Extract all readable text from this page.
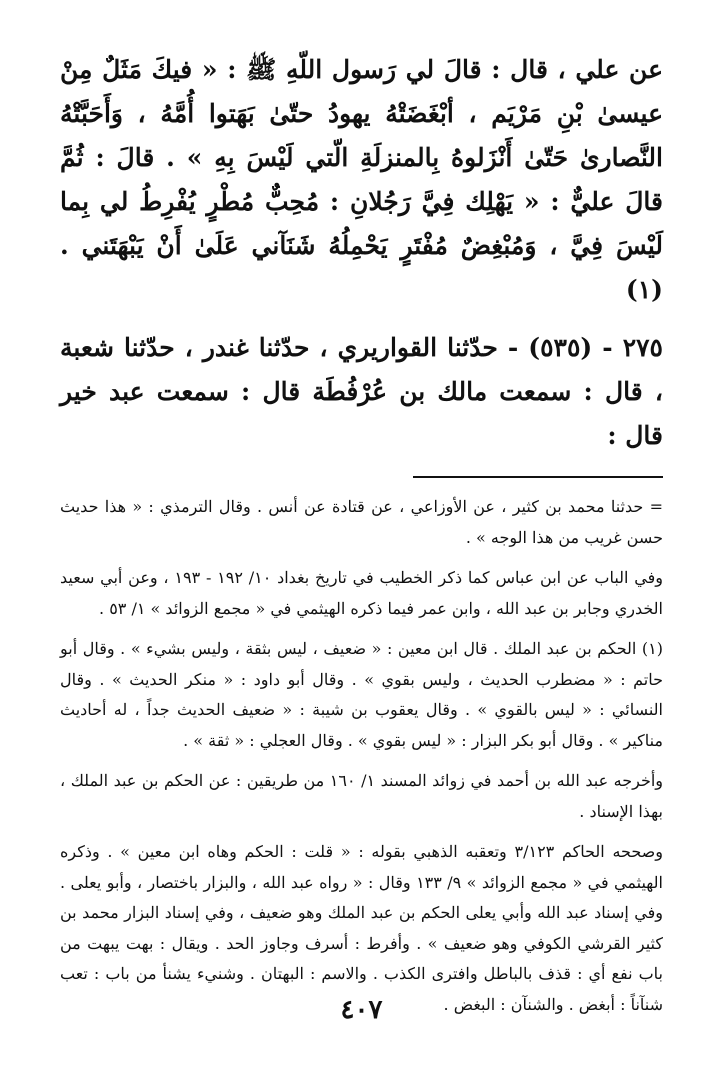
عن علي ، قال : قالَ لي رَسول اللّهِ ﷺ : « فيكَ مَثَلٌ مِنْ عيسىٰ بْنِ مَرْيَم ، أبْغَضَتْهُ يهودُ حتّىٰ بَهَتوا أُمَّهُ ، وَأَحَبَّتْهُ النَّصارىٰ حَتّىٰ أَنْزَلوهُ بِالمنزلَةِ الّتي لَيْسَ بِهِ » . قالَ : ثُمَّ قالَ عليٌّ : « يَهْلِك فِيَّ رَجُلانِ : مُحِبٌّ مُطْرٍ يُفْرِطُ لي بِما لَيْسَ فِيَّ ، وَمُبْغِضٌ مُفْتَرٍ يَحْمِلُهُ شَنَآني عَلَىٰ أَنْ يَبْهَتَني . (١)

٢٧٥ - (٥٣٥) - حدّثنا القواريري ، حدّثنا غندر ، حدّثنا شعبة ، قال : سمعت مالك بن عُرْفُطَة قال : سمعت عبد خير قال :

= حدثنا محمد بن كثير ، عن الأوزاعي ، عن قتادة عن أنس . وقال الترمذي : « هذا حديث حسن غريب من هذا الوجه » .

وفي الباب عن ابن عباس كما ذكر الخطيب في تاريخ بغداد ١٠/ ١٩٢ - ١٩٣ ، وعن أبي سعيد الخدري وجابر بن عبد الله ، وابن عمر فيما ذكره الهيثمي في « مجمع الزوائد » ١/ ٥٣ .

(١) الحكم بن عبد الملك . قال ابن معين : « ضعيف ، ليس بثقة ، وليس بشيء » . وقال أبو حاتم : « مضطرب الحديث ، وليس بقوي » . وقال أبو داود : « منكر الحديث » . وقال النسائي : « ليس بالقوي » . وقال يعقوب بن شيبة : « ضعيف الحديث جداً ، له أحاديث مناكير » . وقال أبو بكر البزار : « ليس بقوي » . وقال العجلي : « ثقة » .

وأخرجه عبد الله بن أحمد في زوائد المسند ١/ ١٦٠ من طريقين : عن الحكم بن عبد الملك ، بهذا الإسناد .

وصححه الحاكم ٣/١٢٣ وتعقبه الذهبي بقوله : « قلت : الحكم وهاه ابن معين » . وذكره الهيثمي في « مجمع الزوائد » ٩/ ١٣٣ وقال : « رواه عبد الله ، والبزار باختصار ، وأبو يعلى . وفي إسناد عبد الله وأبي يعلى الحكم بن عبد الملك وهو ضعيف ، وفي إسناد البزار محمد بن كثير القرشي الكوفي وهو ضعيف » . وأفرط : أسرف وجاوز الحد . ويقال : بهت يبهت من باب نفع أي : قذف بالباطل وافترى الكذب . والاسم : البهتان . وشنيء يشنأ من باب : تعب شنآناً : أبغض . والشنآن : البغض .

٤٠٧
